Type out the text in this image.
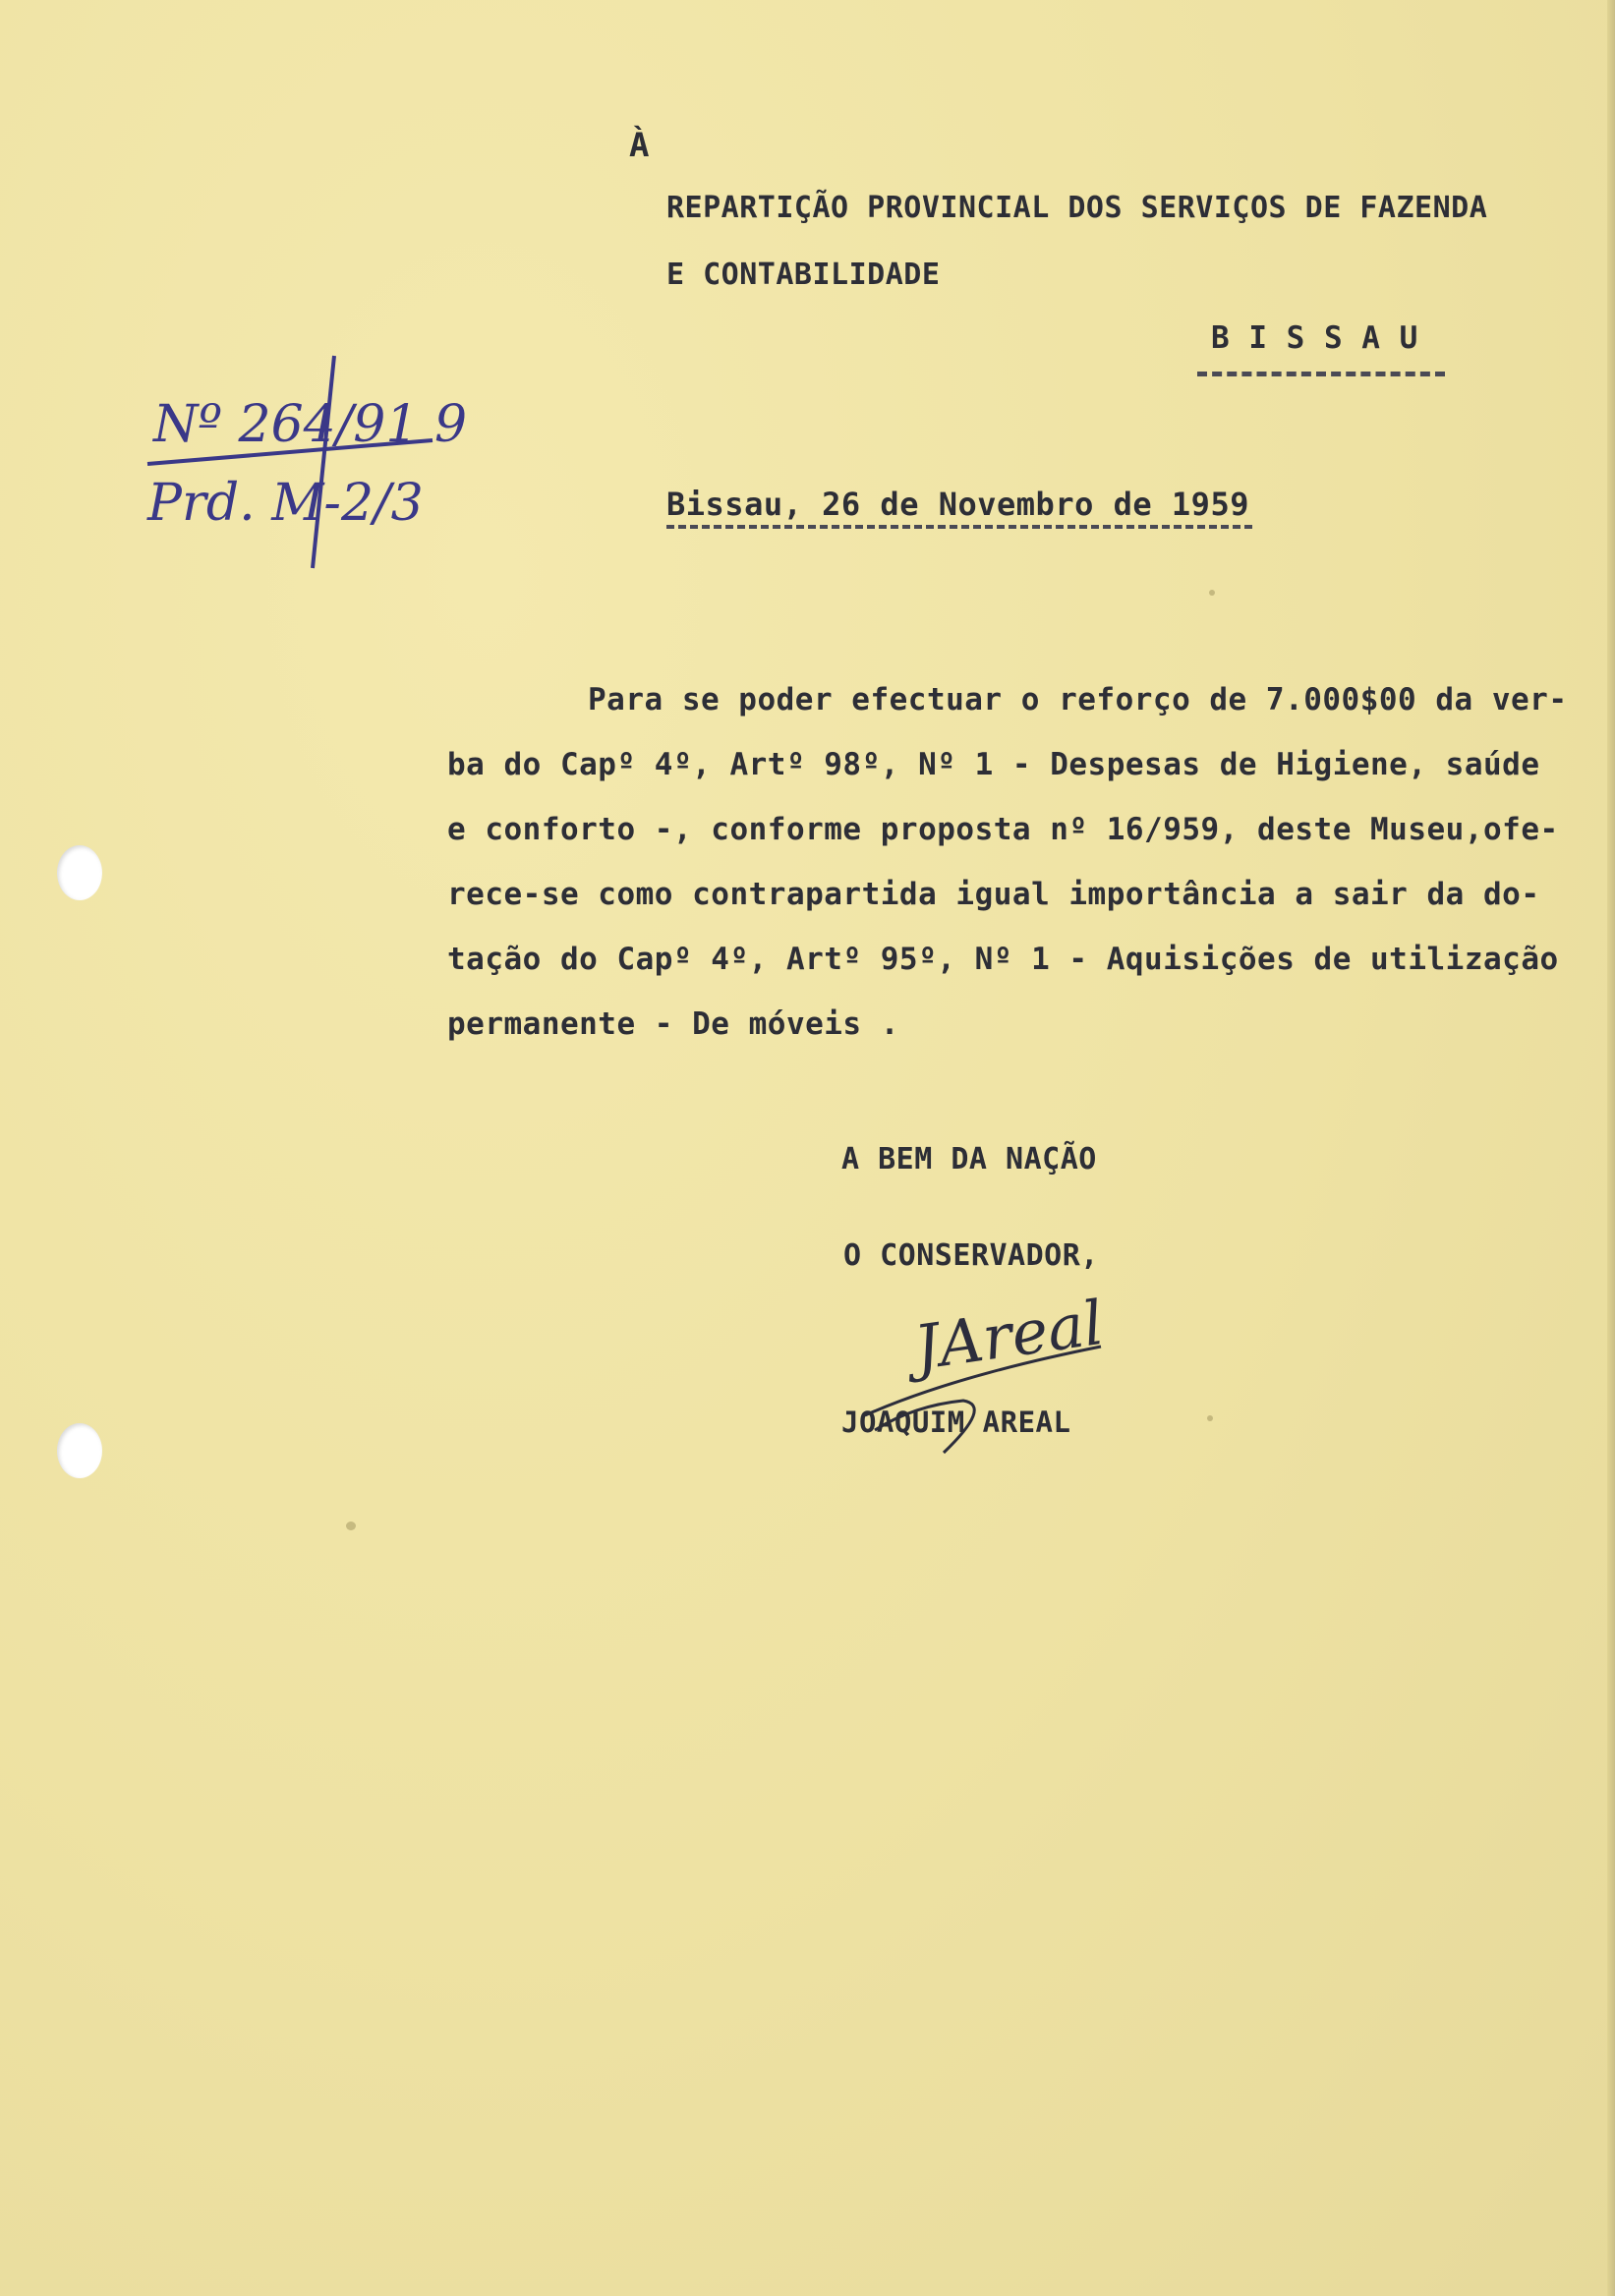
À
REPARTIÇÃO PROVINCIAL DOS SERVIÇOS DE FAZENDA
E CONTABILIDADE
B I S S A U
Nº 264/91 9
Prd. M-2/3	Bissau, 26 de Novembro de 1959
Para se poder efectuar o reforço de 7.000$00 da ver-
ba do Capº 4º, Artº 98º, Nº 1 - Despesas de Higiene, saúde
e conforto -, conforme proposta nº 16/959, deste Museu,ofe-
rece-se como contrapartida igual importância a sair da do-
tação do Capº 4º, Artº 95º, Nº 1 - Aquisições de utilização
permanente - De móveis .
A BEM DA NAÇÃO
O CONSERVADOR,
JAreal
JOAQUIM AREAL
